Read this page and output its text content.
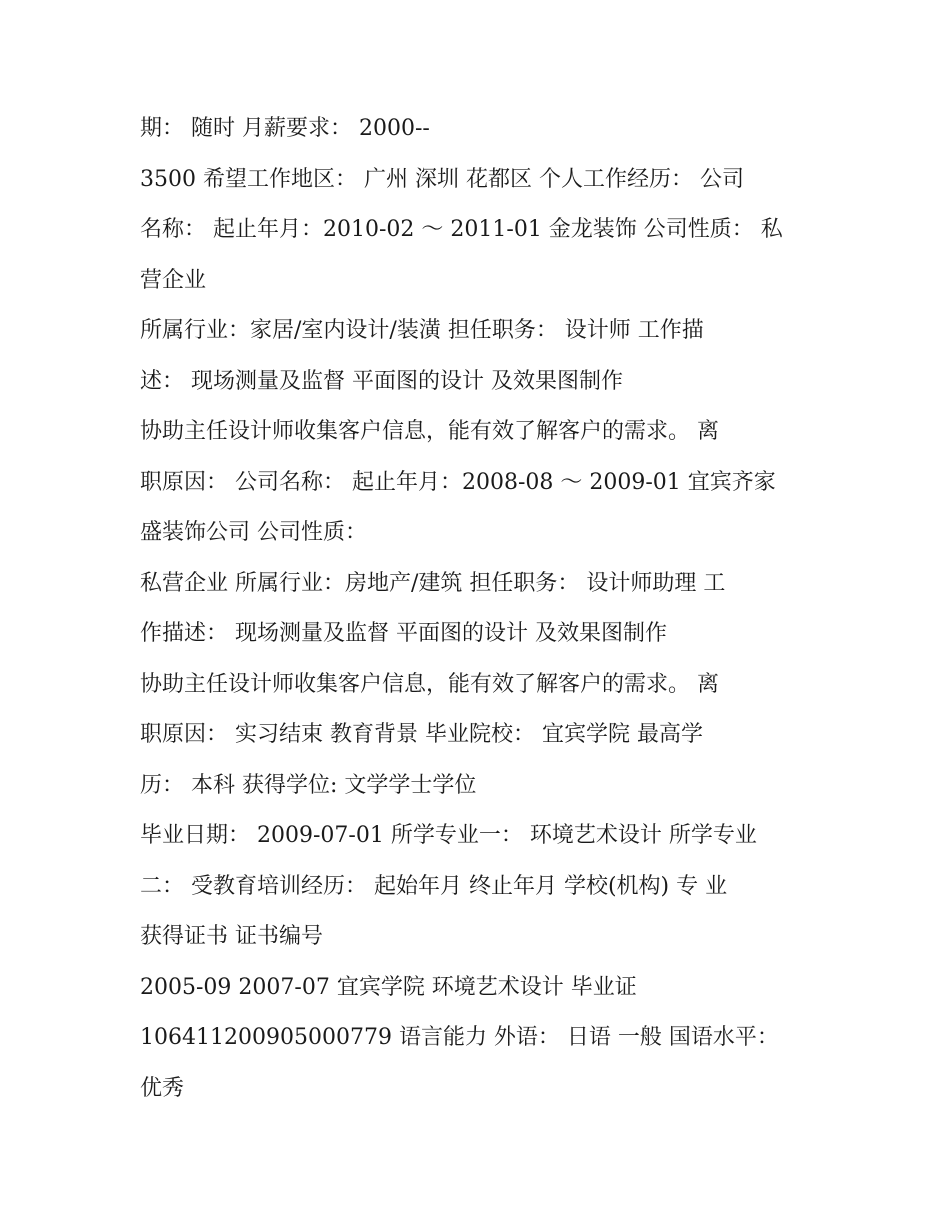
期： 随时 月薪要求： 2000--
3500 希望工作地区： 广州 深圳 花都区 个人工作经历： 公司
名称： 起止年月：2010-02 ～ 2011-01 金龙装饰 公司性质： 私
营企业
所属行业：家居/室内设计/装潢 担任职务： 设计师 工作描
述： 现场测量及监督 平面图的设计 及效果图制作
协助主任设计师收集客户信息，能有效了解客户的需求。 离
职原因： 公司名称： 起止年月：2008-08 ～ 2009-01 宜宾齐家
盛装饰公司 公司性质：
私营企业 所属行业：房地产/建筑 担任职务： 设计师助理 工
作描述： 现场测量及监督 平面图的设计 及效果图制作
协助主任设计师收集客户信息，能有效了解客户的需求。 离
职原因： 实习结束 教育背景 毕业院校： 宜宾学院 最高学
历： 本科 获得学位: 文学学士学位
毕业日期： 2009-07-01 所学专业一： 环境艺术设计 所学专业
二： 受教育培训经历： 起始年月 终止年月 学校(机构) 专 业
获得证书 证书编号
2005-09 2007-07 宜宾学院 环境艺术设计 毕业证
10641120090500077​9 语言能力 外语： 日语 一般 国语水平：
优秀
